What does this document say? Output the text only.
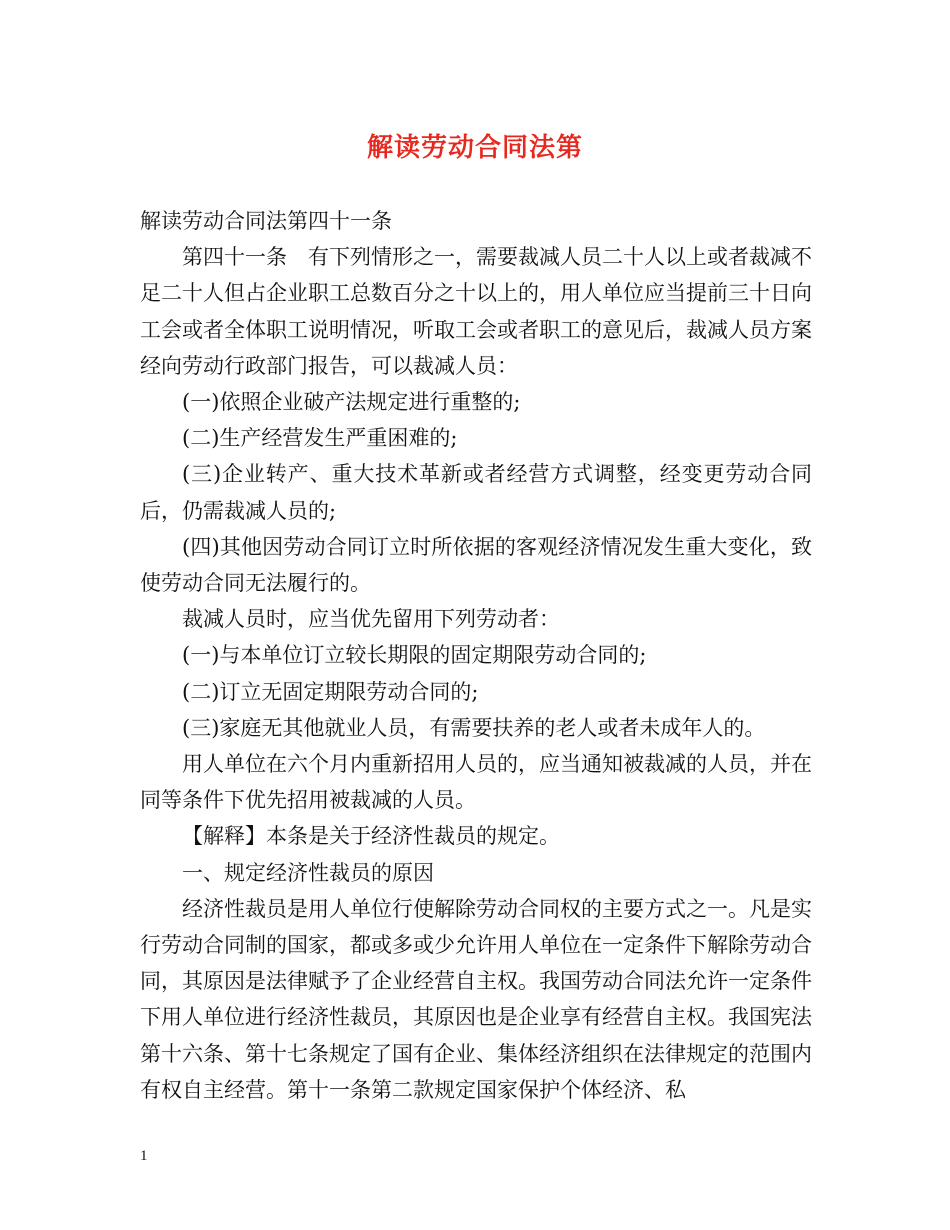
解读劳动合同法第

解读劳动合同法第四十一条

第四十一条　有下列情形之一，需要裁减人员二十人以上或者裁减不足二十人但占企业职工总数百分之十以上的，用人单位应当提前三十日向工会或者全体职工说明情况，听取工会或者职工的意见后，裁减人员方案经向劳动行政部门报告，可以裁减人员：

(一)依照企业破产法规定进行重整的;

(二)生产经营发生严重困难的;

(三)企业转产、重大技术革新或者经营方式调整，经变更劳动合同后，仍需裁减人员的;

(四)其他因劳动合同订立时所依据的客观经济情况发生重大变化，致使劳动合同无法履行的。

裁减人员时，应当优先留用下列劳动者：

(一)与本单位订立较长期限的固定期限劳动合同的;

(二)订立无固定期限劳动合同的;

(三)家庭无其他就业人员，有需要扶养的老人或者未成年人的。

用人单位在六个月内重新招用人员的，应当通知被裁减的人员，并在同等条件下优先招用被裁减的人员。

【解释】本条是关于经济性裁员的规定。

一、规定经济性裁员的原因

经济性裁员是用人单位行使解除劳动合同权的主要方式之一。凡是实行劳动合同制的国家，都或多或少允许用人单位在一定条件下解除劳动合同，其原因是法律赋予了企业经营自主权。我国劳动合同法允许一定条件下用人单位进行经济性裁员，其原因也是企业享有经营自主权。我国宪法第十六条、第十七条规定了国有企业、集体经济组织在法律规定的范围内有权自主经营。第十一条第二款规定国家保护个体经济、私

1
